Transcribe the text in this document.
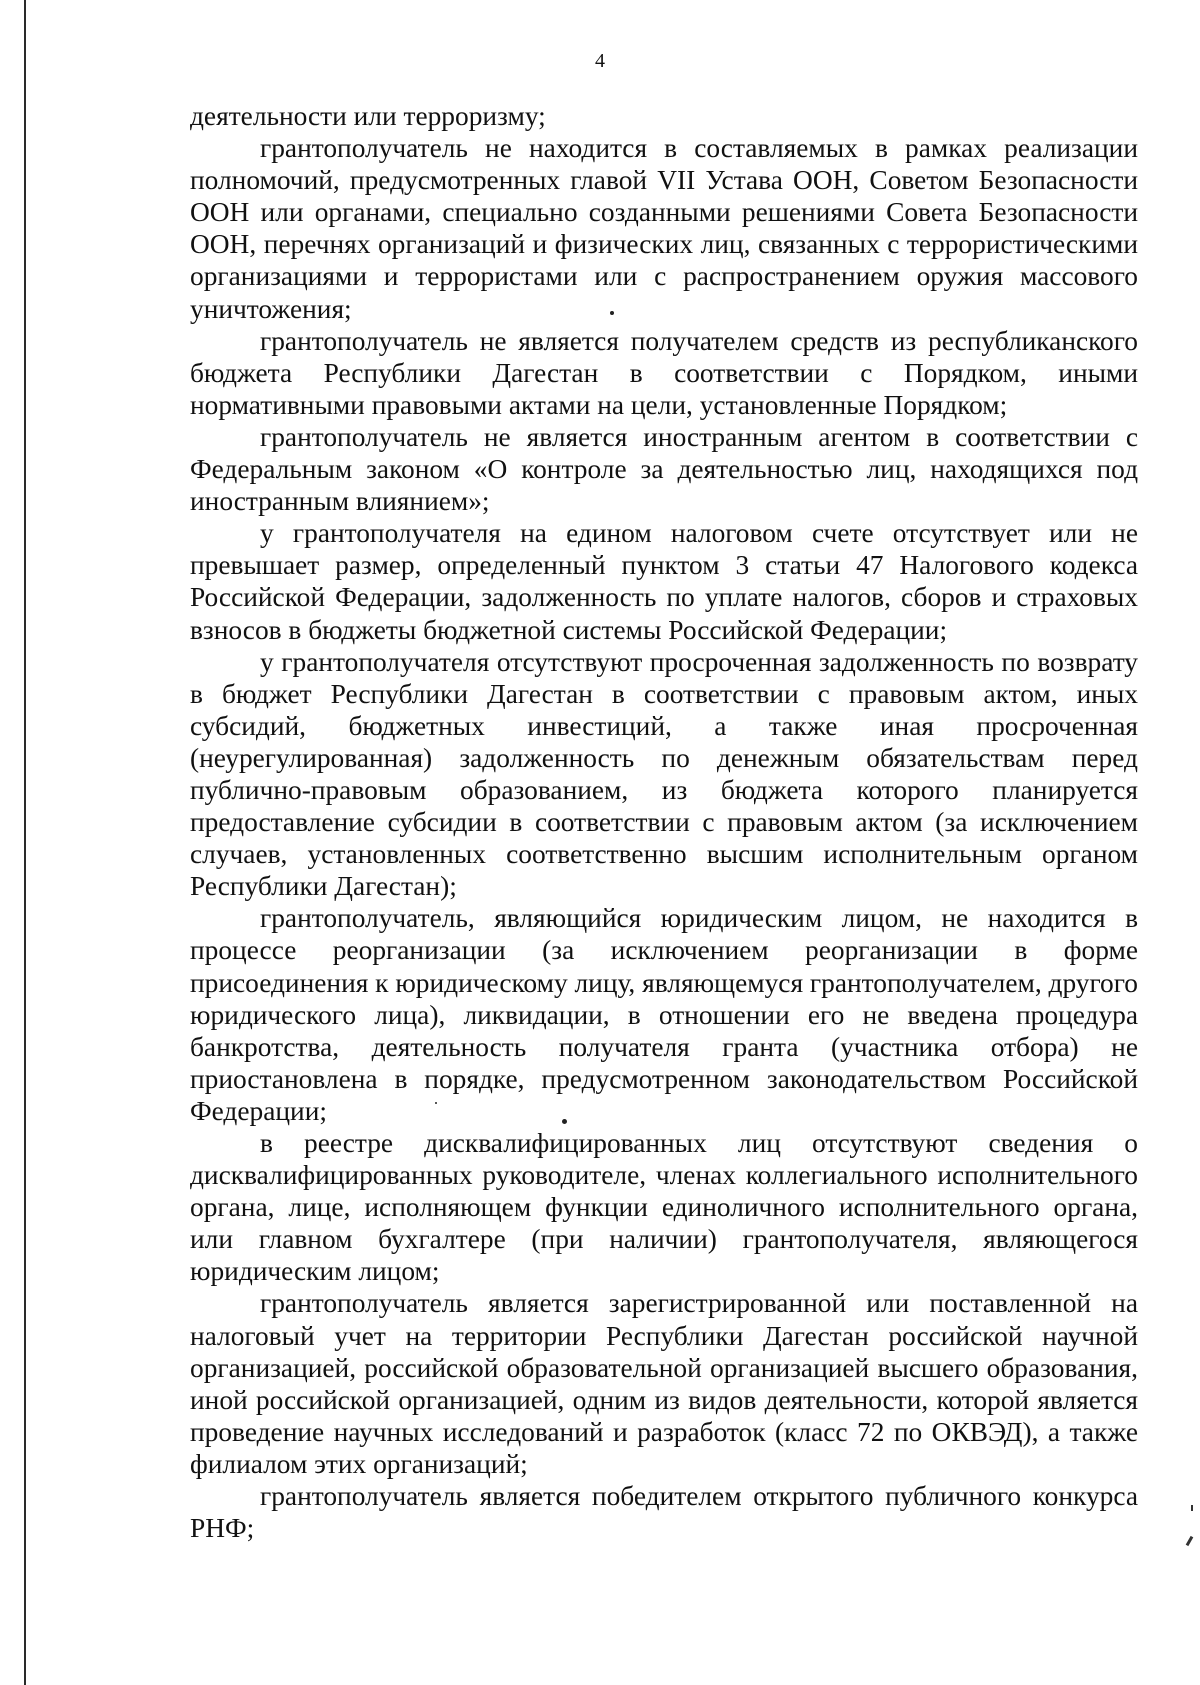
4

деятельности или терроризму;

грантополучатель не находится в составляемых в рамках реализации полномочий, предусмотренных главой VII Устава ООН, Советом Безопасности ООН или органами, специально созданными решениями Совета Безопасности ООН, перечнях организаций и физических лиц, связанных с террористическими организациями и террористами или с распространением оружия массового уничтожения;

грантополучатель не является получателем средств из республиканского бюджета Республики Дагестан в соответствии с Порядком, иными нормативными правовыми актами на цели, установленные Порядком;

грантополучатель не является иностранным агентом в соответствии с Федеральным законом «О контроле за деятельностью лиц, находящихся под иностранным влиянием»;

у грантополучателя на едином налоговом счете отсутствует или не превышает размер, определенный пунктом 3 статьи 47 Налогового кодекса Российской Федерации, задолженность по уплате налогов, сборов и страховых взносов в бюджеты бюджетной системы Российской Федерации;

у грантополучателя отсутствуют просроченная задолженность по возврату в бюджет Республики Дагестан в соответствии с правовым актом, иных субсидий, бюджетных инвестиций, а также иная просроченная (неурегулированная) задолженность по денежным обязательствам перед публично-правовым образованием, из бюджета которого планируется предоставление субсидии в соответствии с правовым актом (за исключением случаев, установленных соответственно высшим исполнительным органом Республики Дагестан);

грантополучатель, являющийся юридическим лицом, не находится в процессе реорганизации (за исключением реорганизации в форме присоединения к юридическому лицу, являющемуся грантополучателем, другого юридического лица), ликвидации, в отношении его не введена процедура банкротства, деятельность получателя гранта (участника отбора) не приостановлена в порядке, предусмотренном законодательством Российской Федерации;

в реестре дисквалифицированных лиц отсутствуют сведения о дисквалифицированных руководителе, членах коллегиального исполнительного органа, лице, исполняющем функции единоличного исполнительного органа, или главном бухгалтере (при наличии) грантополучателя, являющегося юридическим лицом;

грантополучатель является зарегистрированной или поставленной на налоговый учет на территории Республики Дагестан российской научной организацией, российской образовательной организацией высшего образования, иной российской организацией, одним из видов деятельности, которой является проведение научных исследований и разработок (класс 72 по ОКВЭД), а также филиалом этих организаций;

грантополучатель является победителем открытого публичного конкурса РНФ;
